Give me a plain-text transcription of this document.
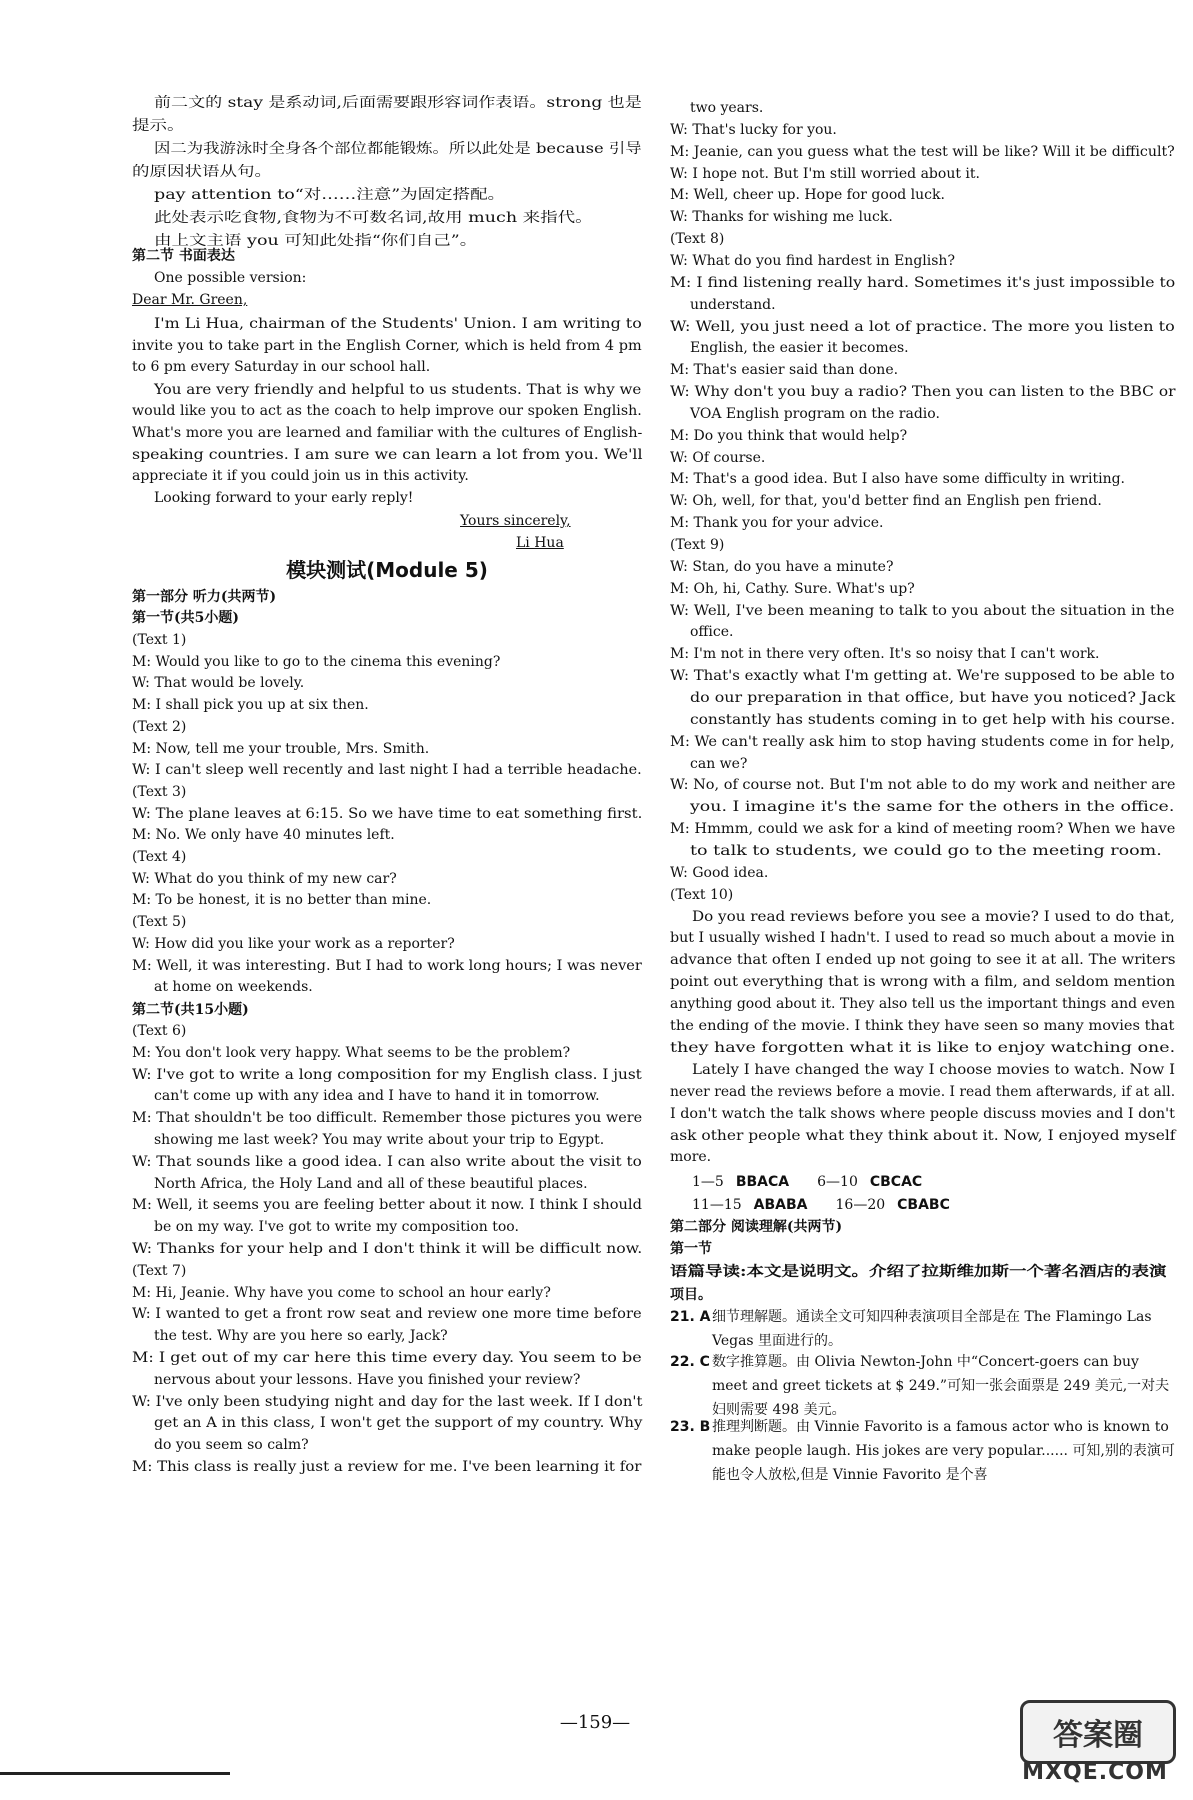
前二文的 stay 是系动词,后面需要跟形容词作表语。strong 也是
提示。
因二为我游泳时全身各个部位都能锻炼。所以此处是 because 引导
的原因状语从句。
pay attention to“对……注意”为固定搭配。
此处表示吃食物,食物为不可数名词,故用 much 来指代。
由上文主语 you 可知此处指“你们自己”。
第二节 书面表达
One possible version:
Dear Mr. Green,
I'm Li Hua, chairman of the Students' Union. I am writing to
invite you to take part in the English Corner, which is held from 4 pm
to 6 pm every Saturday in our school hall.
You are very friendly and helpful to us students. That is why we
would like you to act as the coach to help improve our spoken English.
What's more you are learned and familiar with the cultures of English-
speaking countries. I am sure we can learn a lot from you. We'll
appreciate it if you could join us in this activity.
Looking forward to your early reply!
Yours sincerely,
Li Hua
模块测试(Module 5)
第一部分 听力(共两节)
第一节(共5小题)
(Text 1)
M: Would you like to go to the cinema this evening?
W: That would be lovely.
M: I shall pick you up at six then.
(Text 2)
M: Now, tell me your trouble, Mrs. Smith.
W: I can't sleep well recently and last night I had a terrible headache.
(Text 3)
W: The plane leaves at 6:15. So we have time to eat something first.
M: No. We only have 40 minutes left.
(Text 4)
W: What do you think of my new car?
M: To be honest, it is no better than mine.
(Text 5)
W: How did you like your work as a reporter?
M: Well, it was interesting. But I had to work long hours; I was never
at home on weekends.
第二节(共15小题)
(Text 6)
M: You don't look very happy. What seems to be the problem?
W: I've got to write a long composition for my English class. I just
can't come up with any idea and I have to hand it in tomorrow.
M: That shouldn't be too difficult. Remember those pictures you were
showing me last week? You may write about your trip to Egypt.
W: That sounds like a good idea. I can also write about the visit to
North Africa, the Holy Land and all of these beautiful places.
M: Well, it seems you are feeling better about it now. I think I should
be on my way. I've got to write my composition too.
W: Thanks for your help and I don't think it will be difficult now.
(Text 7)
M: Hi, Jeanie. Why have you come to school an hour early?
W: I wanted to get a front row seat and review one more time before
the test. Why are you here so early, Jack?
M: I get out of my car here this time every day. You seem to be
nervous about your lessons. Have you finished your review?
W: I've only been studying night and day for the last week. If I don't
get an A in this class, I won't get the support of my country. Why
do you seem so calm?
M: This class is really just a review for me. I've been learning it for
two years.
W: That's lucky for you.
M: Jeanie, can you guess what the test will be like? Will it be difficult?
W: I hope not. But I'm still worried about it.
M: Well, cheer up. Hope for good luck.
W: Thanks for wishing me luck.
(Text 8)
W: What do you find hardest in English?
M: I find listening really hard. Sometimes it's just impossible to
understand.
W: Well, you just need a lot of practice. The more you listen to
English, the easier it becomes.
M: That's easier said than done.
W: Why don't you buy a radio? Then you can listen to the BBC or
VOA English program on the radio.
M: Do you think that would help?
W: Of course.
M: That's a good idea. But I also have some difficulty in writing.
W: Oh, well, for that, you'd better find an English pen friend.
M: Thank you for your advice.
(Text 9)
W: Stan, do you have a minute?
M: Oh, hi, Cathy. Sure. What's up?
W: Well, I've been meaning to talk to you about the situation in the
office.
M: I'm not in there very often. It's so noisy that I can't work.
W: That's exactly what I'm getting at. We're supposed to be able to
do our preparation in that office, but have you noticed? Jack
constantly has students coming in to get help with his course.
M: We can't really ask him to stop having students come in for help,
can we?
W: No, of course not. But I'm not able to do my work and neither are
you. I imagine it's the same for the others in the office.
M: Hmmm, could we ask for a kind of meeting room? When we have
to talk to students, we could go to the meeting room.
W: Good idea.
(Text 10)
Do you read reviews before you see a movie? I used to do that,
but I usually wished I hadn't. I used to read so much about a movie in
advance that often I ended up not going to see it at all. The writers
point out everything that is wrong with a film, and seldom mention
anything good about it. They also tell us the important things and even
the ending of the movie. I think they have seen so many movies that
they have forgotten what it is like to enjoy watching one.
Lately I have changed the way I choose movies to watch. Now I
never read the reviews before a movie. I read them afterwards, if at all.
I don't watch the talk shows where people discuss movies and I don't
ask other people what they think about it. Now, I enjoyed myself
more.
1—5 BBACA 6—10 CBCAC
11—15 ABABA 16—20 CBABC
第二部分 阅读理解(共两节)
第一节
语篇导读:本文是说明文。介绍了拉斯维加斯一个著名酒店的表演
项目。
21. A 细节理解题。通读全文可知四种表演项目全部是在 The Flamingo Las Vegas 里面进行的。
22. C 数字推算题。由 Olivia Newton-John 中“Concert-goers can buy meet and greet tickets at $ 249.”可知一张会面票是 249 美元,一对夫妇则需要 498 美元。
23. B 推理判断题。由 Vinnie Favorito is a famous actor who is known to make people laugh. His jokes are very popular...... 可知,别的表演可能也令人放松,但是 Vinnie Favorito 是个喜
—159—	答案圈
MXQE.COM
